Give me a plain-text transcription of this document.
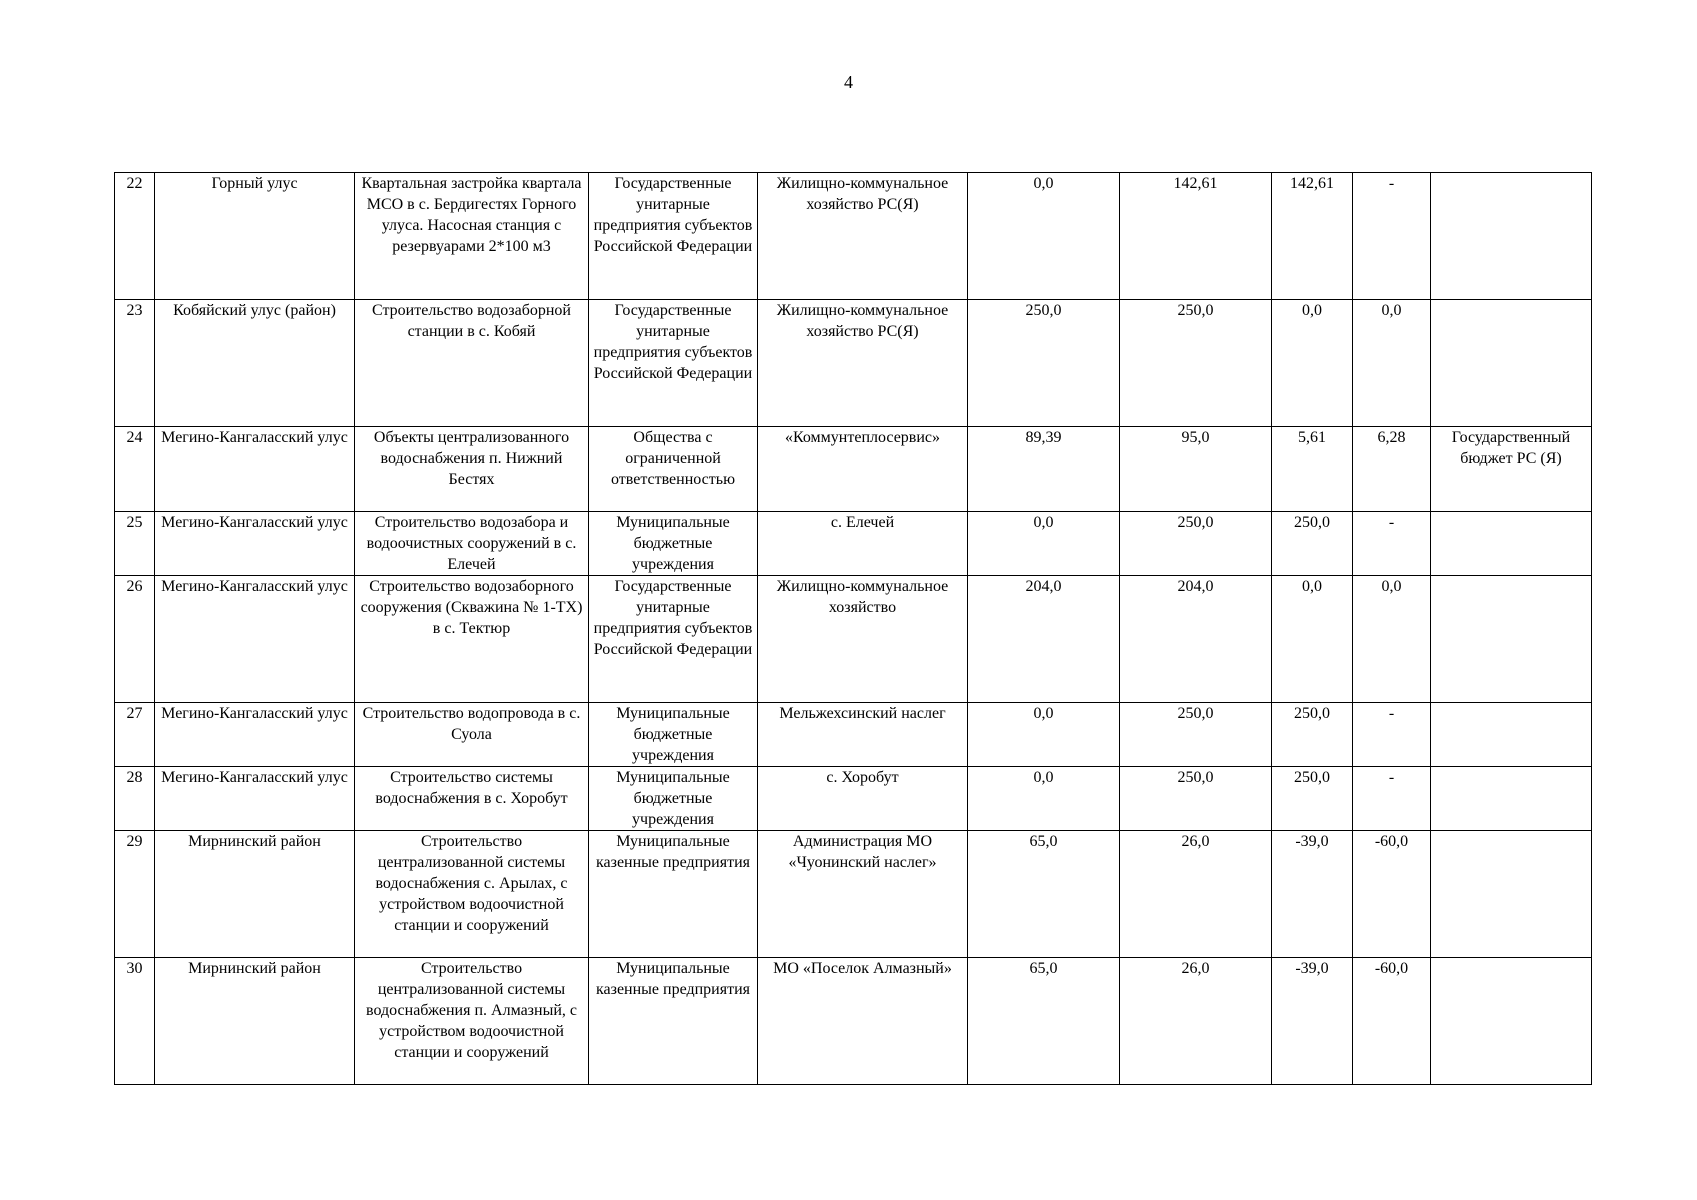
4
22	Горный улус	Квартальная застройка квартала МСО в с. Бердигестях Горного улуса. Насосная станция с резервуарами 2*100 м3	Государственные унитарные предприятия субъектов Российской Федерации	Жилищно-коммунальное хозяйство РС(Я)	0,0	142,61	142,61	-	
23	Кобяйский улус (район)	Строительство водозаборной станции в с. Кобяй	Государственные унитарные предприятия субъектов Российской Федерации	Жилищно-коммунальное хозяйство РС(Я)	250,0	250,0	0,0	0,0	
24	Мегино-Кангаласский улус	Объекты централизованного водоснабжения п. Нижний Бестях	Общества с ограниченной ответственностью	«Коммунтеплосервис»	89,39	95,0	5,61	6,28	Государственный бюджет РС (Я)
25	Мегино-Кангаласский улус	Строительство водозабора и водоочистных сооружений в с. Елечей	Муниципальные бюджетные учреждения	с. Елечей	0,0	250,0	250,0	-	
26	Мегино-Кангаласский улус	Строительство водозаборного сооружения (Скважина № 1-ТХ) в с. Тектюр	Государственные унитарные предприятия субъектов Российской Федерации	Жилищно-коммунальное хозяйство	204,0	204,0	0,0	0,0	
27	Мегино-Кангаласский улус	Строительство водопровода в с. Суола	Муниципальные бюджетные учреждения	Мельжехсинский наслег	0,0	250,0	250,0	-	
28	Мегино-Кангаласский улус	Строительство системы водоснабжения в с. Хоробут	Муниципальные бюджетные учреждения	с. Хоробут	0,0	250,0	250,0	-	
29	Мирнинский район	Строительство централизованной системы водоснабжения с. Арылах, с устройством водоочистной станции и сооружений	Муниципальные казенные предприятия	Администрация МО «Чуонинский наслег»	65,0	26,0	-39,0	-60,0	
30	Мирнинский район	Строительство централизованной системы водоснабжения п. Алмазный, с устройством водоочистной станции и сооружений	Муниципальные казенные предприятия	МО «Поселок Алмазный»	65,0	26,0	-39,0	-60,0	
